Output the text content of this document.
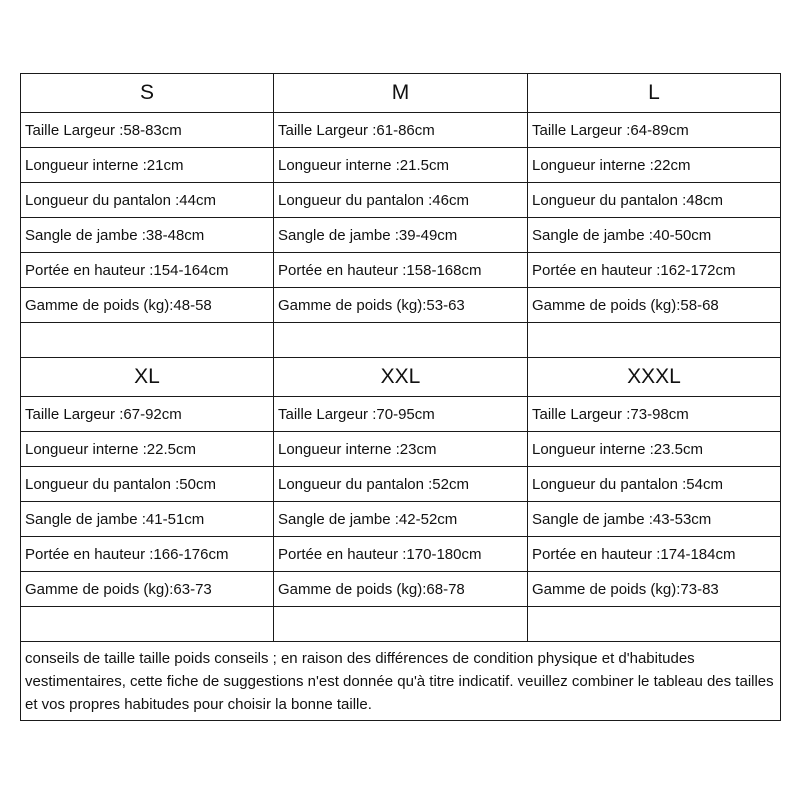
S	M	L
Taille Largeur :58-83cm	Taille Largeur :61-86cm	Taille Largeur :64-89cm
Longueur interne :21cm	Longueur interne :21.5cm	Longueur interne :22cm
Longueur du pantalon :44cm	Longueur du pantalon :46cm	Longueur du pantalon :48cm
Sangle de jambe :38-48cm	Sangle de jambe :39-49cm	Sangle de jambe :40-50cm
Portée en hauteur :154-164cm	Portée en hauteur :158-168cm	Portée en hauteur :162-172cm
Gamme de poids (kg):48-58	Gamme de poids (kg):53-63	Gamme de poids (kg):58-68

XL	XXL	XXXL
Taille Largeur :67-92cm	Taille Largeur :70-95cm	Taille Largeur :73-98cm
Longueur interne :22.5cm	Longueur interne :23cm	Longueur interne :23.5cm
Longueur du pantalon :50cm	Longueur du pantalon :52cm	Longueur du pantalon :54cm
Sangle de jambe :41-51cm	Sangle de jambe :42-52cm	Sangle de jambe :43-53cm
Portée en hauteur :166-176cm	Portée en hauteur :170-180cm	Portée en hauteur :174-184cm
Gamme de poids (kg):63-73	Gamme de poids (kg):68-78	Gamme de poids (kg):73-83

conseils de taille taille poids conseils ; en raison des différences de condition physique et d'habitudes vestimentaires, cette fiche de suggestions n'est donnée qu'à titre indicatif. veuillez combiner le tableau des tailles et vos propres habitudes pour choisir la bonne taille.		
